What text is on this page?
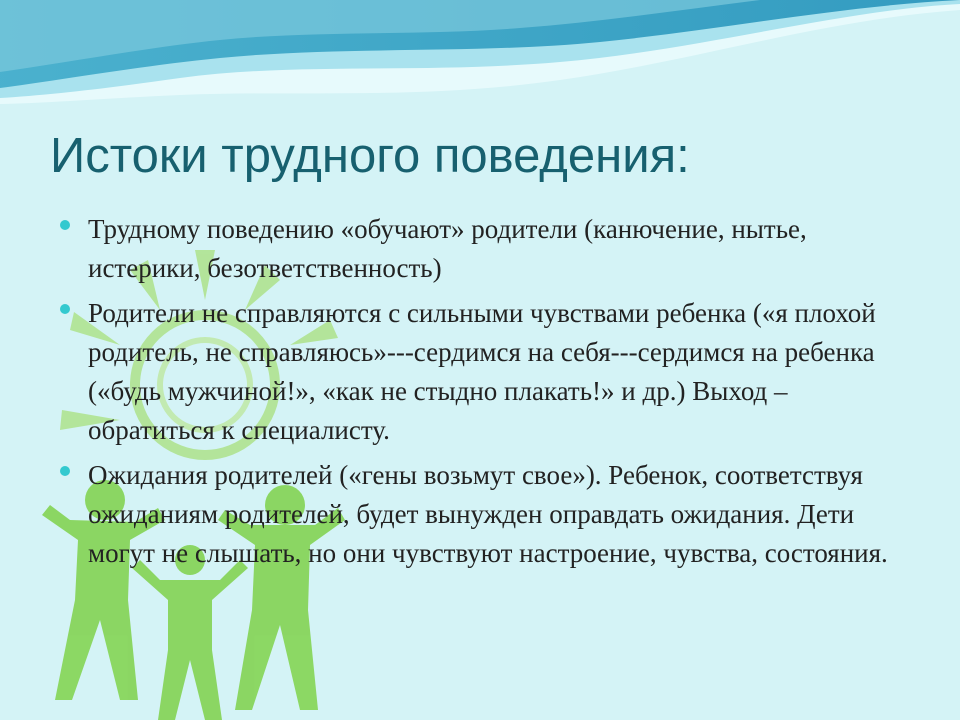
Истоки трудного поведения:
Трудному поведению «обучают» родители (канючение, нытье, истерики, безответственность)
Родители не справляются с сильными чувствами ребенка («я плохой родитель, не справляюсь»---сердимся на себя---сердимся на ребенка («будь мужчиной!», «как не стыдно плакать!» и др.) Выход – обратиться к специалисту.
Ожидания родителей («гены возьмут свое»). Ребенок, соответствуя ожиданиям родителей, будет вынужден оправдать ожидания. Дети могут не слышать, но они чувствуют настроение, чувства, состояния.
